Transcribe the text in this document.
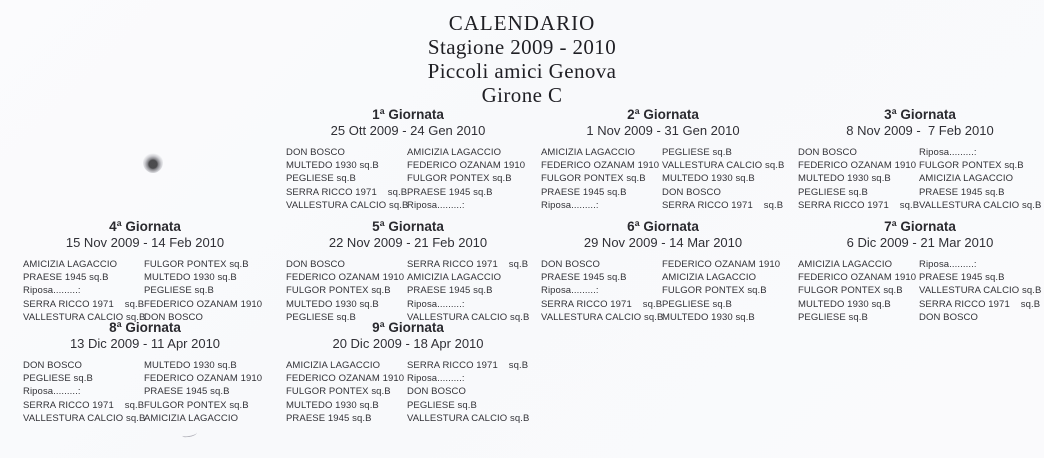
CALENDARIO
Stagione 2009 - 2010
Piccoli amici Genova
Girone C
1ª Giornata
25 Ott 2009 - 24 Gen 2010
DON BOSCO
MULTEDO 1930 sq.B
PEGLIESE sq.B
SERRA RICCO 1971    sq.B
VALLESTURA CALCIO sq.B
AMICIZIA LAGACCIO
FEDERICO OZANAM 1910
FULGOR PONTEX sq.B
PRAESE 1945 sq.B
Riposa.........:
2ª Giornata
1 Nov 2009 - 31 Gen 2010
AMICIZIA LAGACCIO
FEDERICO OZANAM 1910
FULGOR PONTEX sq.B
PRAESE 1945 sq.B
Riposa.........:
PEGLIESE sq.B
VALLESTURA CALCIO sq.B
MULTEDO 1930 sq.B
DON BOSCO
SERRA RICCO 1971    sq.B
3ª Giornata
8 Nov 2009 -  7 Feb 2010
DON BOSCO
FEDERICO OZANAM 1910
MULTEDO 1930 sq.B
PEGLIESE sq.B
SERRA RICCO 1971    sq.B
Riposa.........:
FULGOR PONTEX sq.B
AMICIZIA LAGACCIO
PRAESE 1945 sq.B
VALLESTURA CALCIO sq.B
4ª Giornata
15 Nov 2009 - 14 Feb 2010
AMICIZIA LAGACCIO
PRAESE 1945 sq.B
Riposa.........:
SERRA RICCO 1971    sq.B
VALLESTURA CALCIO sq.B
FULGOR PONTEX sq.B
MULTEDO 1930 sq.B
PEGLIESE sq.B
FEDERICO OZANAM 1910
DON BOSCO
5ª Giornata
22 Nov 2009 - 21 Feb 2010
DON BOSCO
FEDERICO OZANAM 1910
FULGOR PONTEX sq.B
MULTEDO 1930 sq.B
PEGLIESE sq.B
SERRA RICCO 1971    sq.B
AMICIZIA LAGACCIO
PRAESE 1945 sq.B
Riposa.........:
VALLESTURA CALCIO sq.B
6ª Giornata
29 Nov 2009 - 14 Mar 2010
DON BOSCO
PRAESE 1945 sq.B
Riposa.........:
SERRA RICCO 1971    sq.B
VALLESTURA CALCIO sq.B
FEDERICO OZANAM 1910
AMICIZIA LAGACCIO
FULGOR PONTEX sq.B
PEGLIESE sq.B
MULTEDO 1930 sq.B
7ª Giornata
6 Dic 2009 - 21 Mar 2010
AMICIZIA LAGACCIO
FEDERICO OZANAM 1910
FULGOR PONTEX sq.B
MULTEDO 1930 sq.B
PEGLIESE sq.B
Riposa.........:
PRAESE 1945 sq.B
VALLESTURA CALCIO sq.B
SERRA RICCO 1971    sq.B
DON BOSCO
8ª Giornata
13 Dic 2009 - 11 Apr 2010
DON BOSCO
PEGLIESE sq.B
Riposa.........:
SERRA RICCO 1971    sq.B
VALLESTURA CALCIO sq.B
MULTEDO 1930 sq.B
FEDERICO OZANAM 1910
PRAESE 1945 sq.B
FULGOR PONTEX sq.B
AMICIZIA LAGACCIO
9ª Giornata
20 Dic 2009 - 18 Apr 2010
AMICIZIA LAGACCIO
FEDERICO OZANAM 1910
FULGOR PONTEX sq.B
MULTEDO 1930 sq.B
PRAESE 1945 sq.B
SERRA RICCO 1971    sq.B
Riposa.........:
DON BOSCO
PEGLIESE sq.B
VALLESTURA CALCIO sq.B
